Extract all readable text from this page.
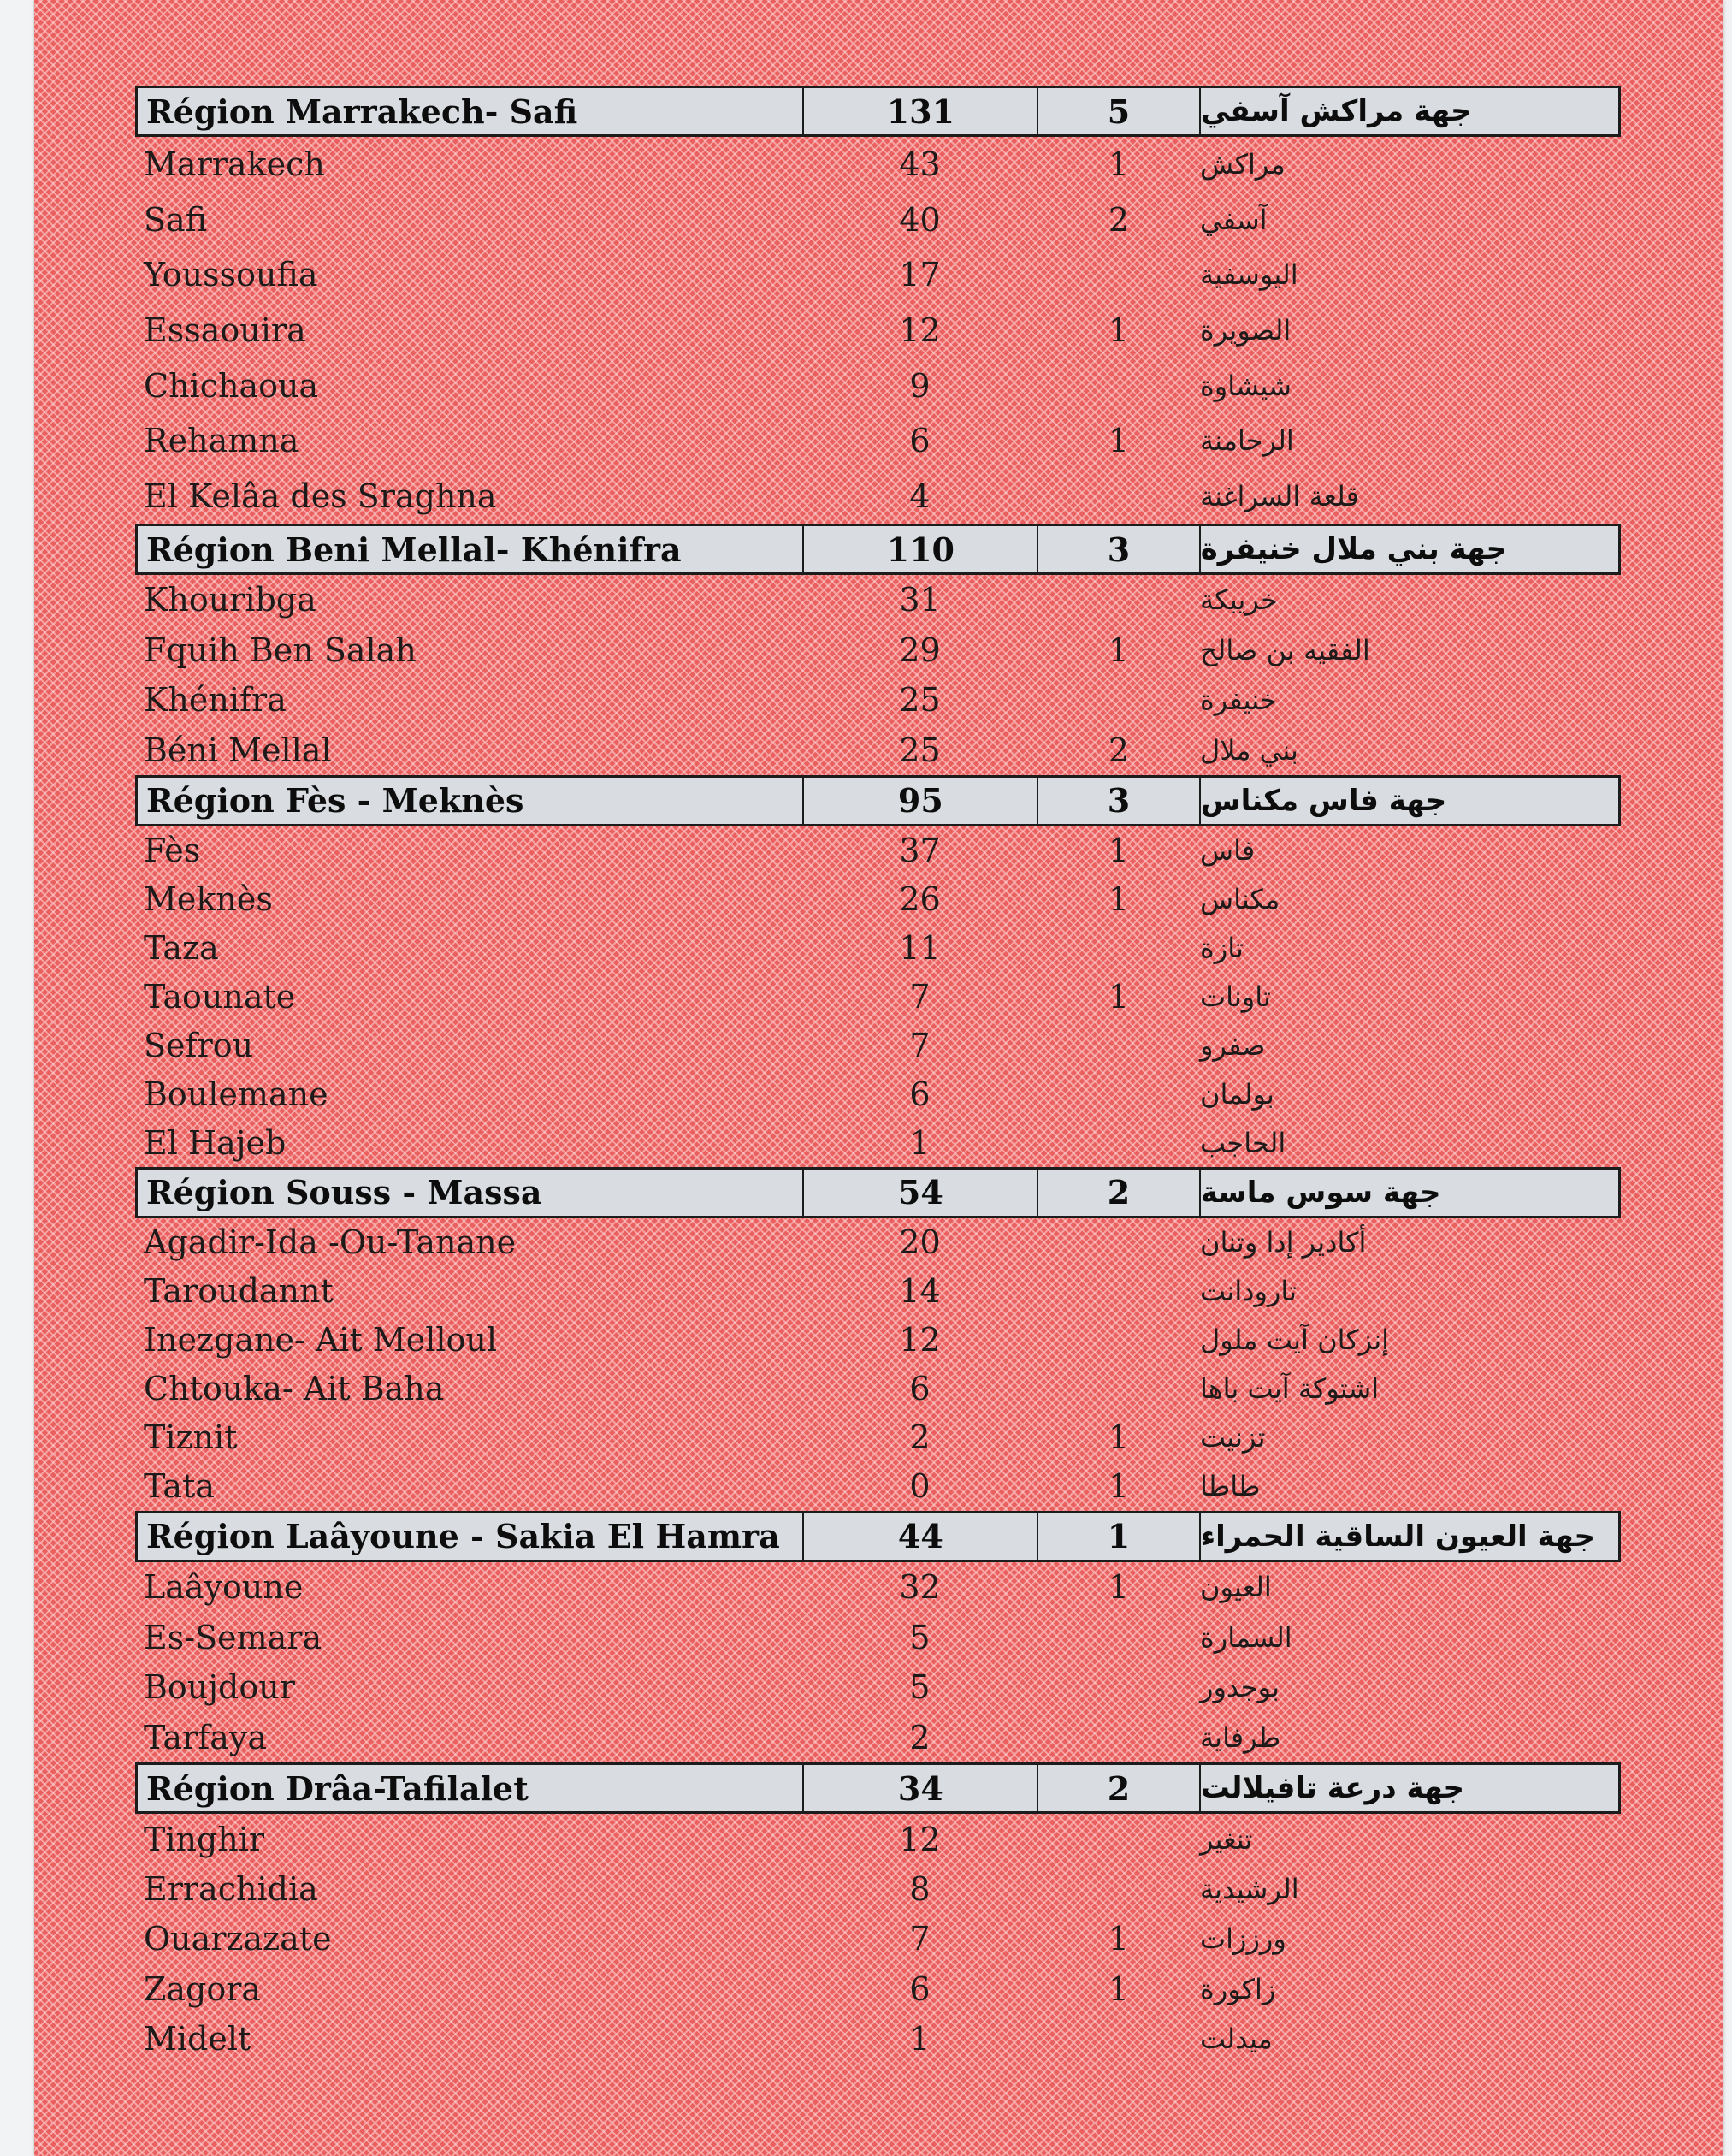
Région Marrakech- Safi	131	5	جهة مراكش آسفي
Marrakech	43	1	مراكش
Safi	40	2	آسفي
Youssoufia	17	اليوسفية
Essaouira	12	1	الصويرة
Chichaoua	9	شيشاوة
Rehamna	6	1	الرحامنة
El Kelâa des Sraghna	4	قلعة السراغنة
Région Beni Mellal- Khénifra	110	3	جهة بني ملال خنيفرة
Khouribga	31	خريبكة
Fquih Ben Salah	29	1	الفقيه بن صالح
Khénifra	25	خنيفرة
Béni Mellal	25	2	بني ملال
Région Fès - Meknès	95	3	جهة فاس مكناس
Fès	37	1	فاس
Meknès	26	1	مكناس
Taza	11	تازة
Taounate	7	1	تاونات
Sefrou	7	صفرو
Boulemane	6	بولمان
El Hajeb	1	الحاجب
Région Souss - Massa	54	2	جهة سوس ماسة
Agadir-Ida -Ou-Tanane	20	أكادير إدا وتنان
Taroudannt	14	تارودانت
Inezgane- Ait Melloul	12	إنزكان آيت ملول
Chtouka- Ait Baha	6	اشتوكة آيت باها
Tiznit	2	1	تزنيت
Tata	0	1	طاطا
Région Laâyoune - Sakia El Hamra	44	1	جهة العيون الساقية الحمراء
Laâyoune	32	1	العيون
Es-Semara	5	السمارة
Boujdour	5	بوجدور
Tarfaya	2	طرفاية
Région Drâa-Tafilalet	34	2	جهة درعة تافيلالت
Tinghir	12	تنغير
Errachidia	8	الرشيدية
Ouarzazate	7	1	ورززات
Zagora	6	1	زاكورة
Midelt	1	ميدلت
